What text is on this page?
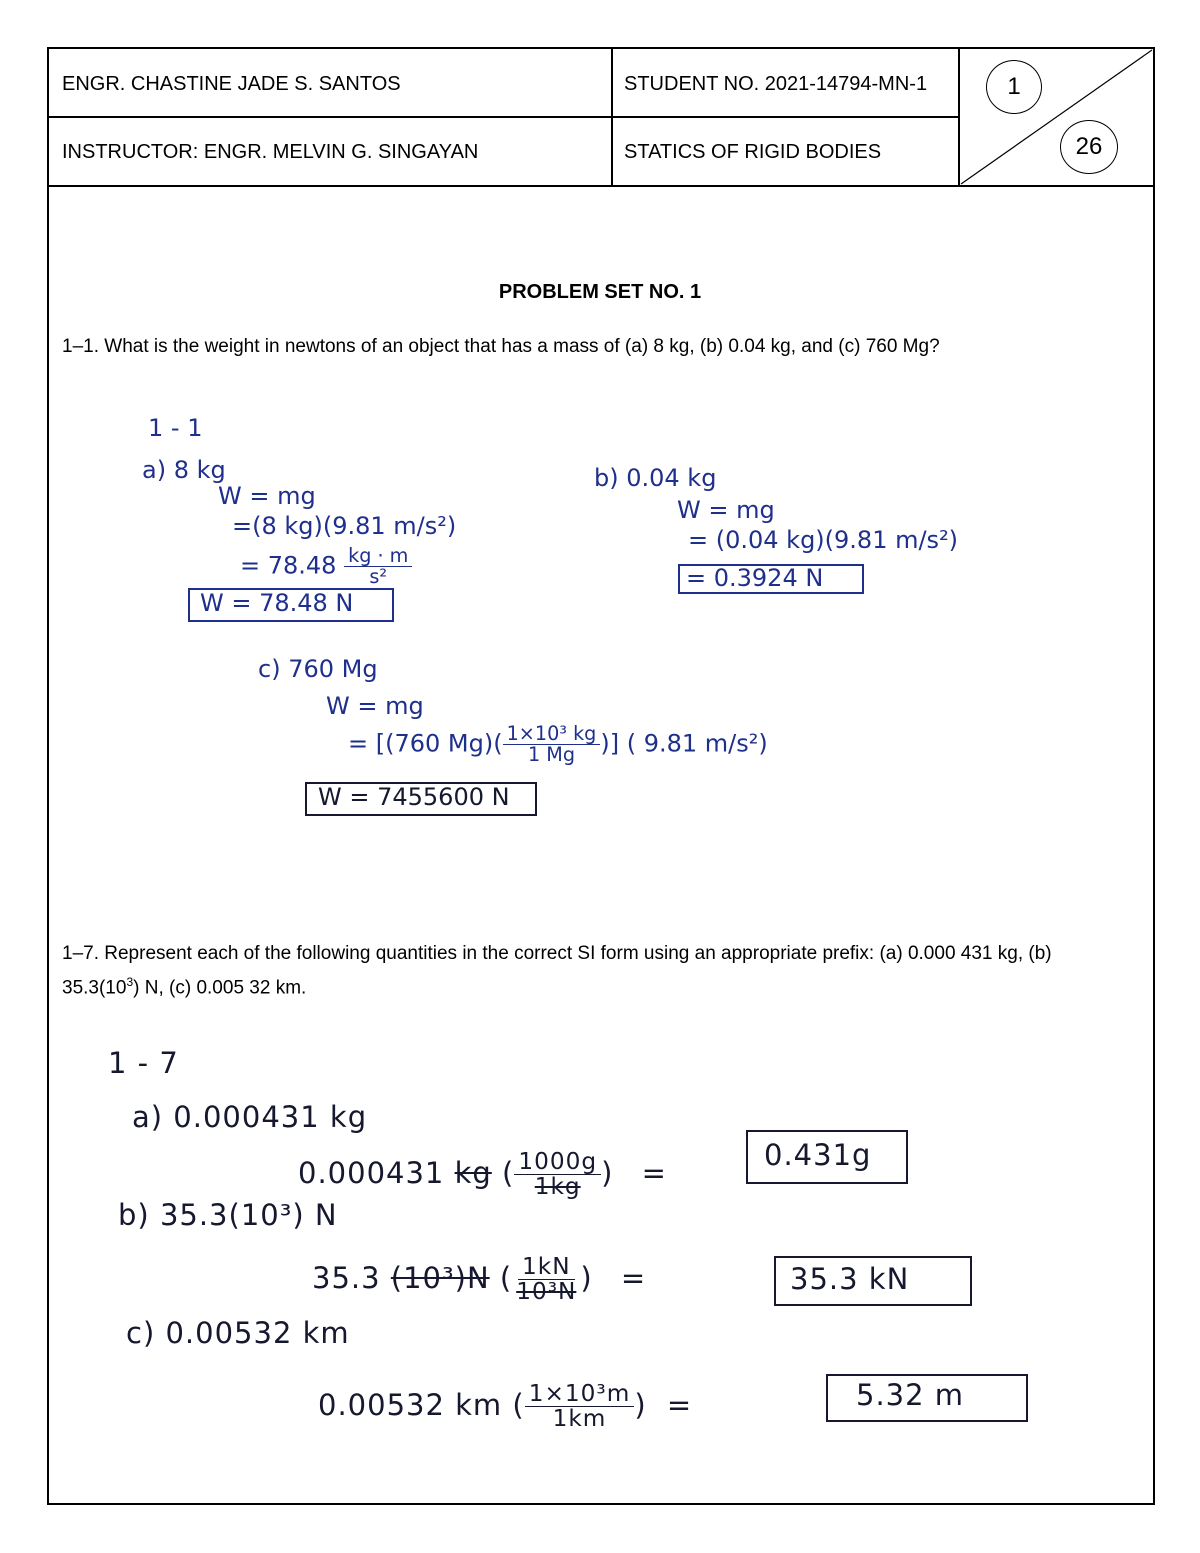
ENGR. CHASTINE JADE S. SANTOS	STUDENT NO. 2021-14794-MN-1
INSTRUCTOR: ENGR. MELVIN G. SINGAYAN	STATICS OF RIGID BODIES
1
26
PROBLEM SET NO. 1
1–1. What is the weight in newtons of an object that has a mass of (a) 8 kg, (b) 0.04 kg, and (c) 760 Mg?
1 - 1
a) 8 kg
W = mg
=(8 kg)(9.81 m/s²)
= $78.48 \frac{kg \cdot m}{\text{s²}}$
W = 78.48 N
b) 0.04 kg
W = mg
= (0.04 kg)(9.81 m/s²)
= 0.3924 N
c) 760 Mg
W = mg
= [(760 $Mg)( \frac{\text{1×10³ kg}}{1 Mg}$ )] ( 9.81 m/s²)
W = 7455600 N
1–7. Represent each of the following quantities in the correct SI form using an appropriate prefix: (a) 0.000 431 kg, (b) $35.3(10^3)$ N, (c) 0.005 32 km.
1 - 7
a) 0.000431 kg
0.000431 kg ( $\frac{1000g}{1kg}$ ) =
0.431g
b) 35.3(10³) N
35.3 (10³)N ( $\frac{1kN}{\text{10³N}}$ ) =	35.3 kN
c) 0.00532 km
0.00532 km ( $\frac{\text{1×10³m}}{1km}$ ) =	5.32 m
